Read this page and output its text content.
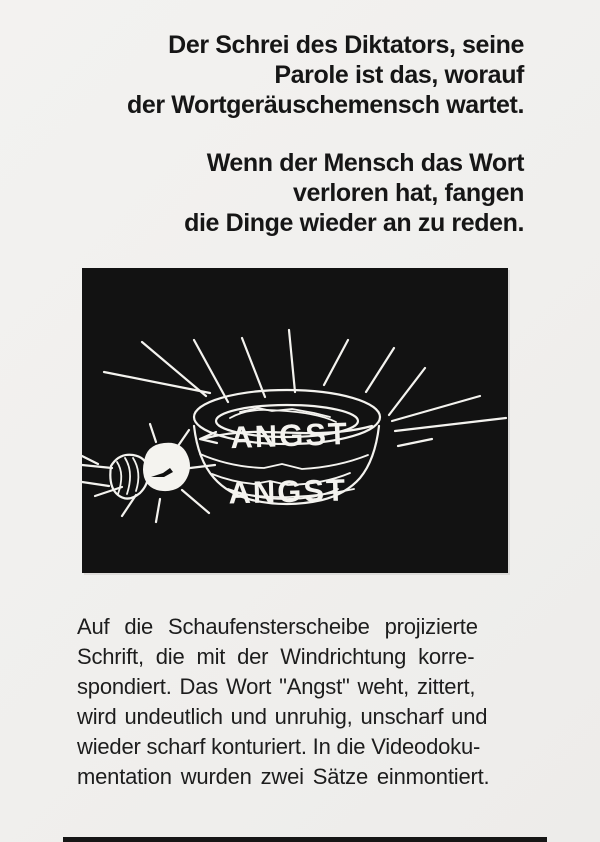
Der Schrei des Diktators, seine
Parole ist das, worauf
der Wortgeräuschemensch wartet.
Wenn der Mensch das Wort
verloren hat, fangen
die Dinge wieder an zu reden.
ANGST
ANGST
Auf die Schaufensterscheibe projizierte
Schrift, die mit der Windrichtung korre-
spondiert. Das Wort "Angst" weht, zittert,
wird undeutlich und unruhig, unscharf und
wieder scharf konturiert. In die Videodoku-
mentation wurden zwei Sätze einmontiert.
